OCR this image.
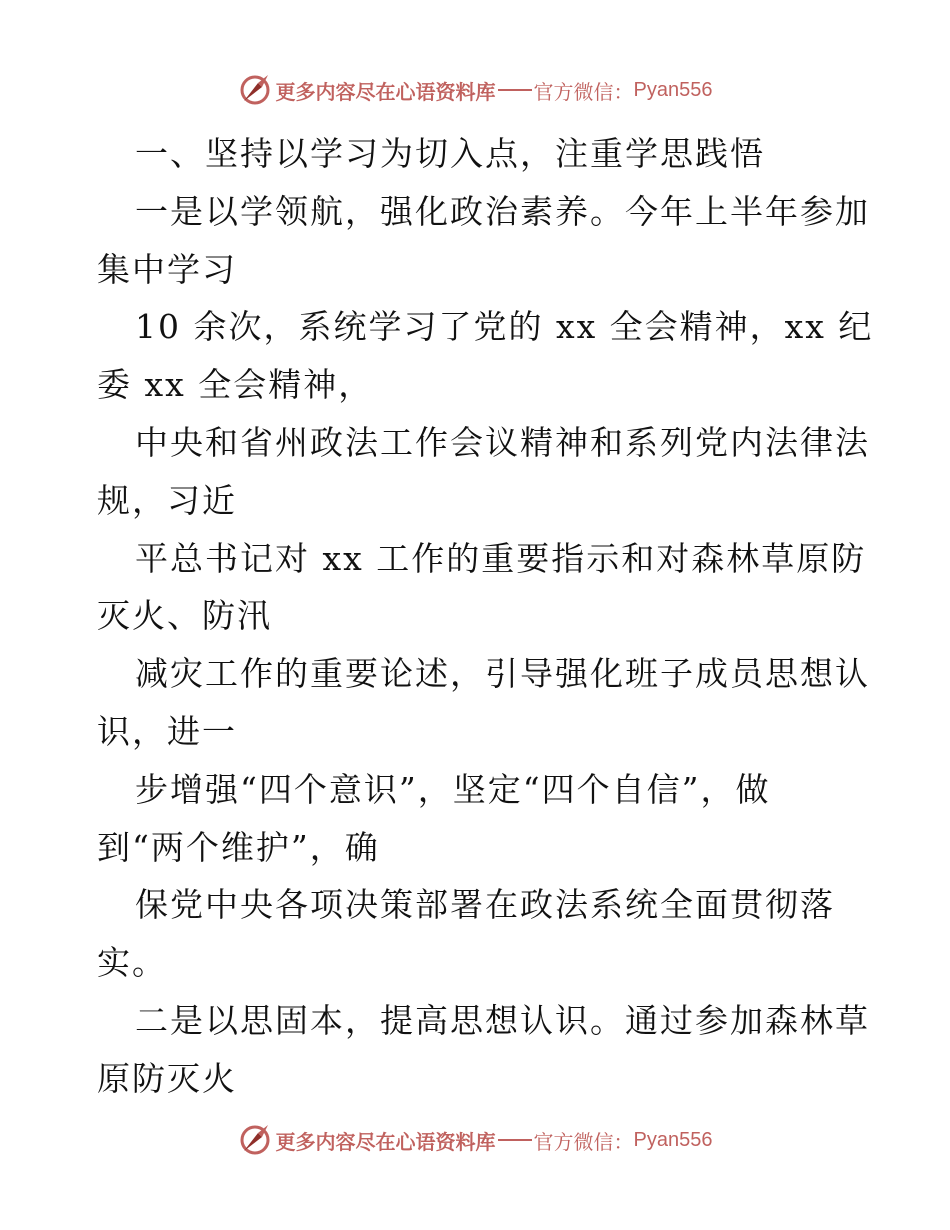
更多内容尽在心语资料库 官方微信： Pyan556
一、坚持以学习为切入点，注重学思践悟
一是以学领航，强化政治素养。今年上半年参加
集中学习
10 余次，系统学习了党的 xx 全会精神，xx 纪
委 xx 全会精神，
中央和省州政法工作会议精神和系列党内法律法
规，习近
平总书记对 xx 工作的重要指示和对森林草原防
灭火、防汛
减灾工作的重要论述，引导强化班子成员思想认
识，进一
步增强“四个意识”，坚定“四个自信”，做
到“两个维护”，确
保党中央各项决策部署在政法系统全面贯彻落
实。
二是以思固本，提高思想认识。通过参加森林草
原防灭火
更多内容尽在心语资料库 官方微信： Pyan556
